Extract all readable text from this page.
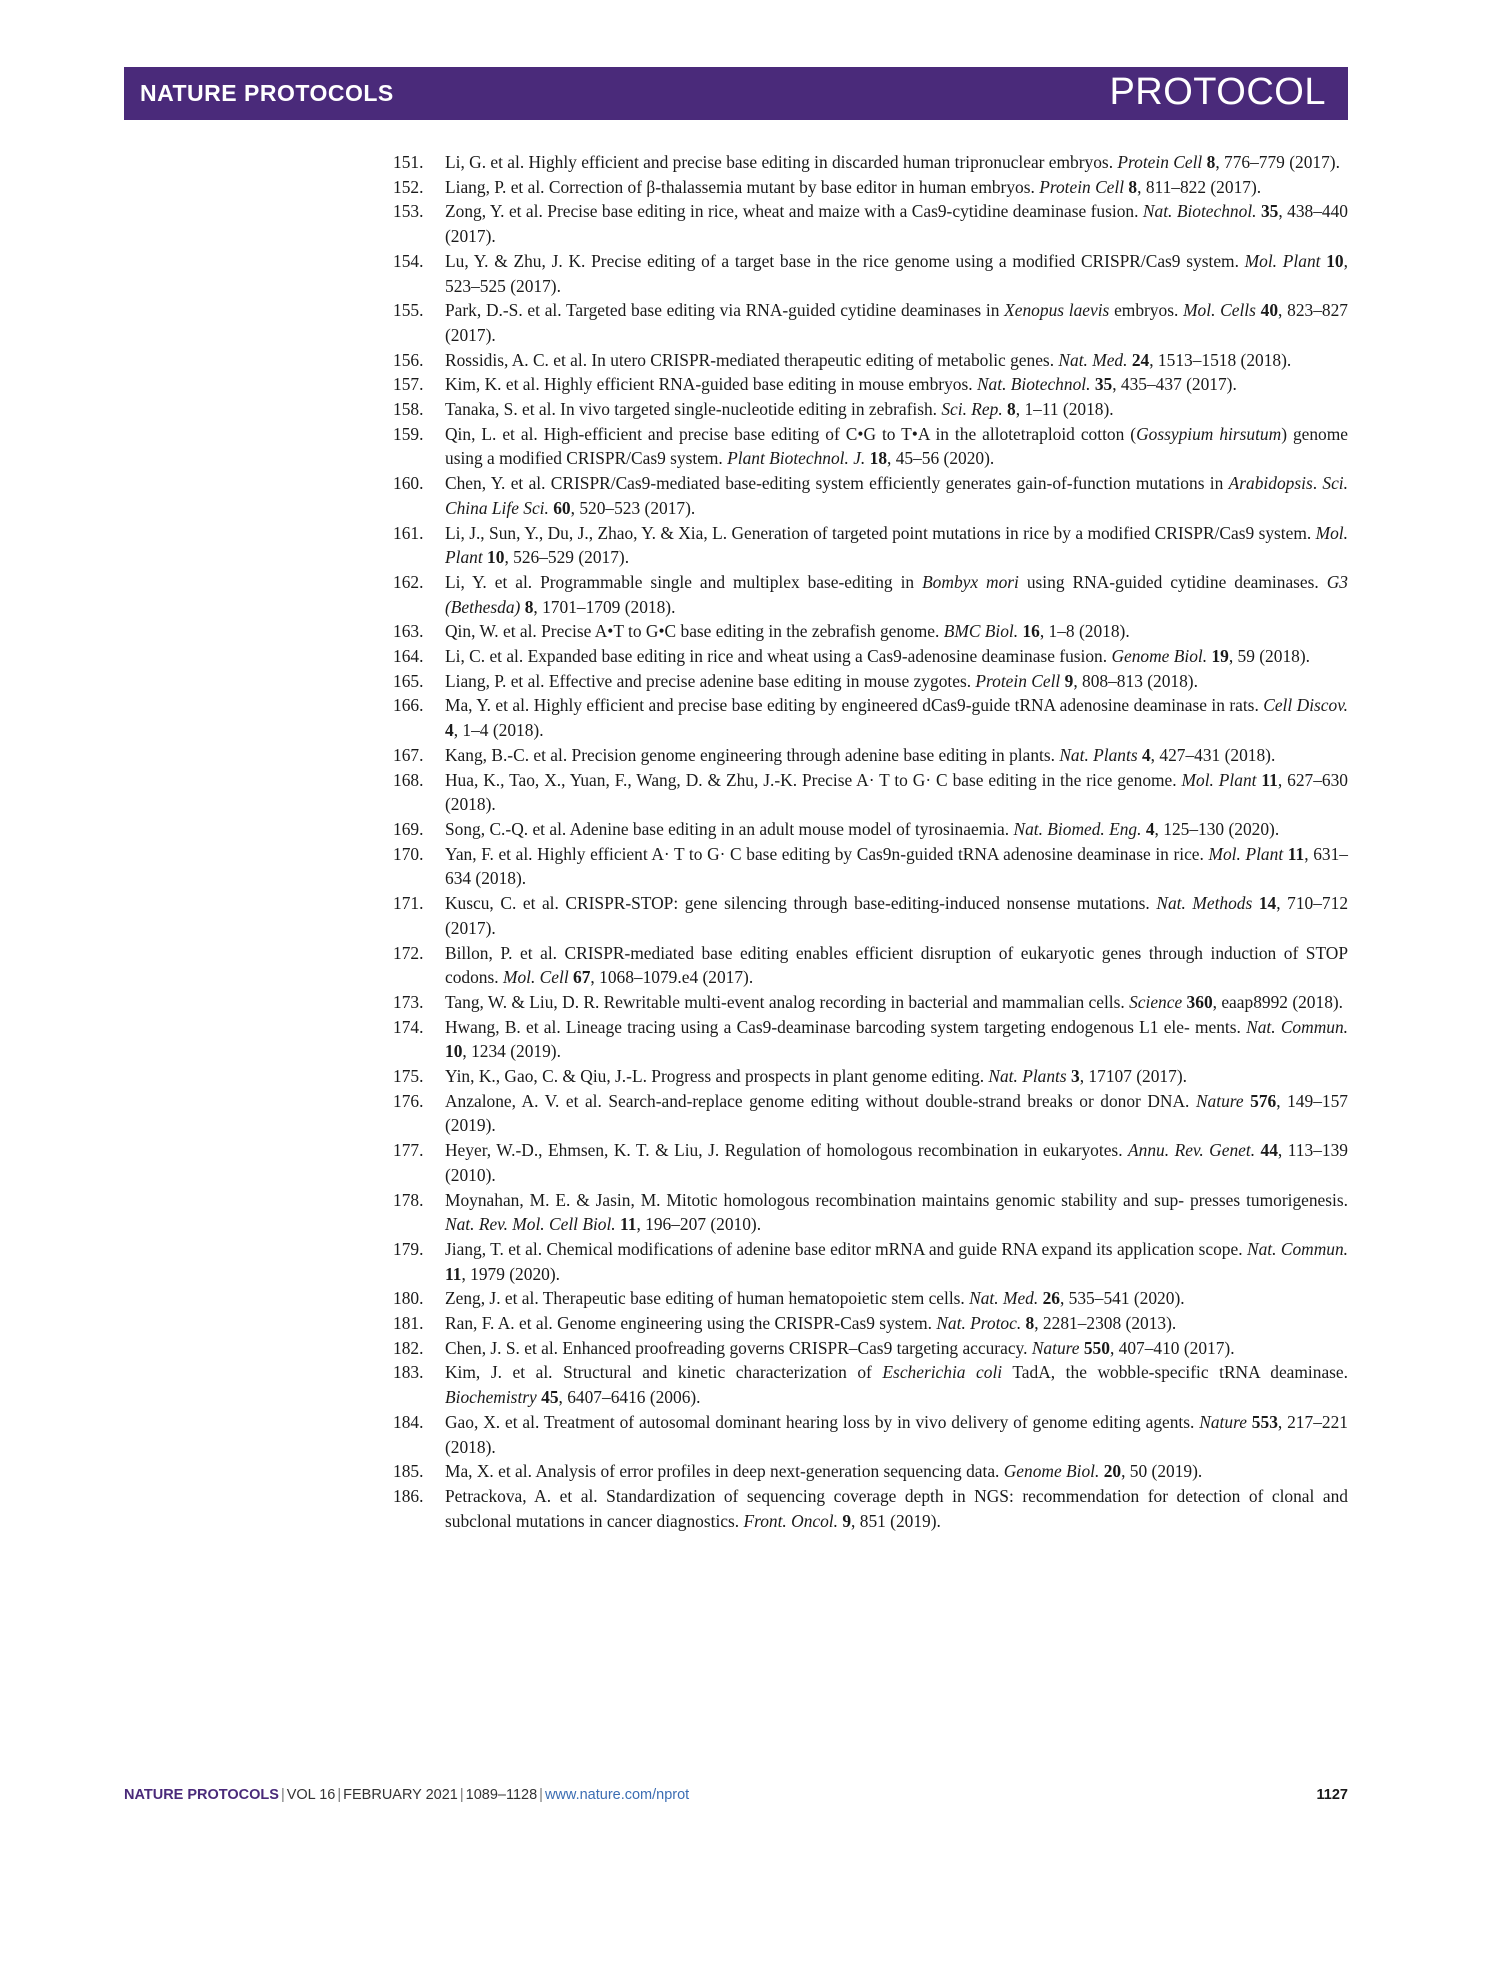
NATURE PROTOCOLS	PROTOCOL
151. Li, G. et al. Highly efficient and precise base editing in discarded human tripronuclear embryos. Protein Cell 8, 776–779 (2017).
152. Liang, P. et al. Correction of β-thalassemia mutant by base editor in human embryos. Protein Cell 8, 811–822 (2017).
153. Zong, Y. et al. Precise base editing in rice, wheat and maize with a Cas9-cytidine deaminase fusion. Nat. Biotechnol. 35, 438–440 (2017).
154. Lu, Y. & Zhu, J. K. Precise editing of a target base in the rice genome using a modified CRISPR/Cas9 system. Mol. Plant 10, 523–525 (2017).
155. Park, D.-S. et al. Targeted base editing via RNA-guided cytidine deaminases in Xenopus laevis embryos. Mol. Cells 40, 823–827 (2017).
156. Rossidis, A. C. et al. In utero CRISPR-mediated therapeutic editing of metabolic genes. Nat. Med. 24, 1513–1518 (2018).
157. Kim, K. et al. Highly efficient RNA-guided base editing in mouse embryos. Nat. Biotechnol. 35, 435–437 (2017).
158. Tanaka, S. et al. In vivo targeted single-nucleotide editing in zebrafish. Sci. Rep. 8, 1–11 (2018).
159. Qin, L. et al. High-efficient and precise base editing of C•G to T•A in the allotetraploid cotton (Gossypium hirsutum) genome using a modified CRISPR/Cas9 system. Plant Biotechnol. J. 18, 45–56 (2020).
160. Chen, Y. et al. CRISPR/Cas9-mediated base-editing system efficiently generates gain-of-function mutations in Arabidopsis. Sci. China Life Sci. 60, 520–523 (2017).
161. Li, J., Sun, Y., Du, J., Zhao, Y. & Xia, L. Generation of targeted point mutations in rice by a modified CRISPR/Cas9 system. Mol. Plant 10, 526–529 (2017).
162. Li, Y. et al. Programmable single and multiplex base-editing in Bombyx mori using RNA-guided cytidine deaminases. G3 (Bethesda) 8, 1701–1709 (2018).
163. Qin, W. et al. Precise A•T to G•C base editing in the zebrafish genome. BMC Biol. 16, 1–8 (2018).
164. Li, C. et al. Expanded base editing in rice and wheat using a Cas9-adenosine deaminase fusion. Genome Biol. 19, 59 (2018).
165. Liang, P. et al. Effective and precise adenine base editing in mouse zygotes. Protein Cell 9, 808–813 (2018).
166. Ma, Y. et al. Highly efficient and precise base editing by engineered dCas9-guide tRNA adenosine deaminase in rats. Cell Discov. 4, 1–4 (2018).
167. Kang, B.-C. et al. Precision genome engineering through adenine base editing in plants. Nat. Plants 4, 427–431 (2018).
168. Hua, K., Tao, X., Yuan, F., Wang, D. & Zhu, J.-K. Precise A· T to G· C base editing in the rice genome. Mol. Plant 11, 627–630 (2018).
169. Song, C.-Q. et al. Adenine base editing in an adult mouse model of tyrosinaemia. Nat. Biomed. Eng. 4, 125–130 (2020).
170. Yan, F. et al. Highly efficient A· T to G· C base editing by Cas9n-guided tRNA adenosine deaminase in rice. Mol. Plant 11, 631–634 (2018).
171. Kuscu, C. et al. CRISPR-STOP: gene silencing through base-editing-induced nonsense mutations. Nat. Methods 14, 710–712 (2017).
172. Billon, P. et al. CRISPR-mediated base editing enables efficient disruption of eukaryotic genes through induction of STOP codons. Mol. Cell 67, 1068–1079.e4 (2017).
173. Tang, W. & Liu, D. R. Rewritable multi-event analog recording in bacterial and mammalian cells. Science 360, eaap8992 (2018).
174. Hwang, B. et al. Lineage tracing using a Cas9-deaminase barcoding system targeting endogenous L1 ele- ments. Nat. Commun. 10, 1234 (2019).
175. Yin, K., Gao, C. & Qiu, J.-L. Progress and prospects in plant genome editing. Nat. Plants 3, 17107 (2017).
176. Anzalone, A. V. et al. Search-and-replace genome editing without double-strand breaks or donor DNA. Nature 576, 149–157 (2019).
177. Heyer, W.-D., Ehmsen, K. T. & Liu, J. Regulation of homologous recombination in eukaryotes. Annu. Rev. Genet. 44, 113–139 (2010).
178. Moynahan, M. E. & Jasin, M. Mitotic homologous recombination maintains genomic stability and sup- presses tumorigenesis. Nat. Rev. Mol. Cell Biol. 11, 196–207 (2010).
179. Jiang, T. et al. Chemical modifications of adenine base editor mRNA and guide RNA expand its application scope. Nat. Commun. 11, 1979 (2020).
180. Zeng, J. et al. Therapeutic base editing of human hematopoietic stem cells. Nat. Med. 26, 535–541 (2020).
181. Ran, F. A. et al. Genome engineering using the CRISPR-Cas9 system. Nat. Protoc. 8, 2281–2308 (2013).
182. Chen, J. S. et al. Enhanced proofreading governs CRISPR–Cas9 targeting accuracy. Nature 550, 407–410 (2017).
183. Kim, J. et al. Structural and kinetic characterization of Escherichia coli TadA, the wobble-specific tRNA deaminase. Biochemistry 45, 6407–6416 (2006).
184. Gao, X. et al. Treatment of autosomal dominant hearing loss by in vivo delivery of genome editing agents. Nature 553, 217–221 (2018).
185. Ma, X. et al. Analysis of error profiles in deep next-generation sequencing data. Genome Biol. 20, 50 (2019).
186. Petrackova, A. et al. Standardization of sequencing coverage depth in NGS: recommendation for detection of clonal and subclonal mutations in cancer diagnostics. Front. Oncol. 9, 851 (2019).
NATURE PROTOCOLS | VOL 16 | FEBRUARY 2021 | 1089–1128 | www.nature.com/nprot	1127
